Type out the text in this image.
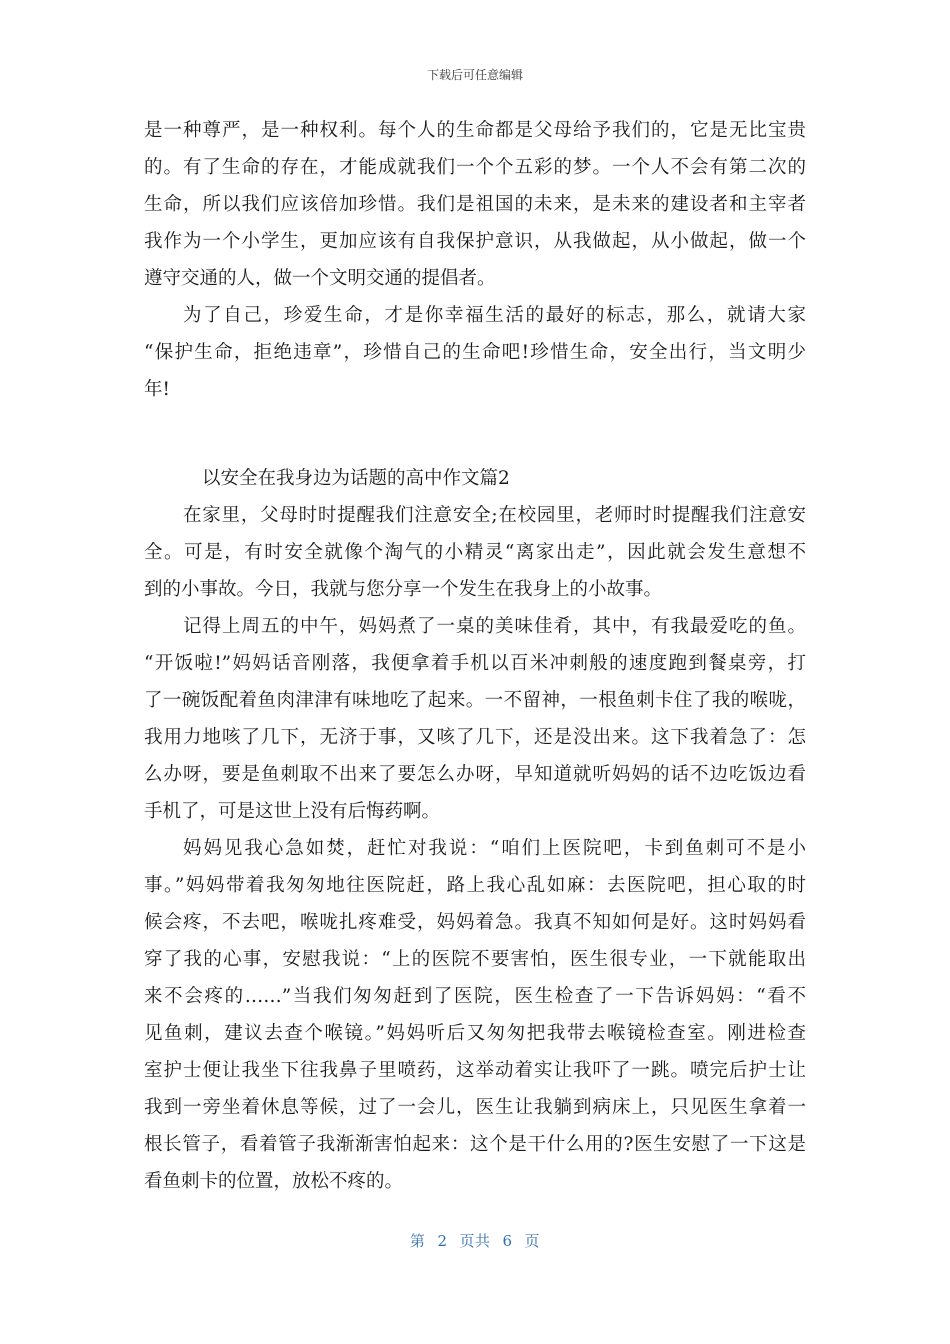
下载后可任意编辑
是一种尊严，是一种权利。每个人的生命都是父母给予我们的，它是无比宝贵
的。有了生命的存在，才能成就我们一个个五彩的梦。一个人不会有第二次的
生命，所以我们应该倍加珍惜。我们是祖国的未来，是未来的建设者和主宰者
我作为一个小学生，更加应该有自我保护意识，从我做起，从小做起，做一个
遵守交通的人，做一个文明交通的提倡者。
为了自己，珍爱生命，才是你幸福生活的最好的标志，那么，就请大家
“保护生命，拒绝违章”，珍惜自己的生命吧!珍惜生命，安全出行，当文明少
年!
以安全在我身边为话题的高中作文篇2
在家里，父母时时提醒我们注意安全;在校园里，老师时时提醒我们注意安
全。可是，有时安全就像个淘气的小精灵“离家出走”，因此就会发生意想不
到的小事故。今日，我就与您分享一个发生在我身上的小故事。
记得上周五的中午，妈妈煮了一桌的美味佳肴，其中，有我最爱吃的鱼。
“开饭啦!”妈妈话音刚落，我便拿着手机以百米冲刺般的速度跑到餐桌旁，打
了一碗饭配着鱼肉津津有味地吃了起来。一不留神，一根鱼刺卡住了我的喉咙，
我用力地咳了几下，无济于事，又咳了几下，还是没出来。这下我着急了：怎
么办呀，要是鱼刺取不出来了要怎么办呀，早知道就听妈妈的话不边吃饭边看
手机了，可是这世上没有后悔药啊。
妈妈见我心急如焚，赶忙对我说：“咱们上医院吧，卡到鱼刺可不是小
事。”妈妈带着我匆匆地往医院赶，路上我心乱如麻：去医院吧，担心取的时
候会疼，不去吧，喉咙扎疼难受，妈妈着急。我真不知如何是好。这时妈妈看
穿了我的心事，安慰我说：“上的医院不要害怕，医生很专业，一下就能取出
来不会疼的……”当我们匆匆赶到了医院，医生检查了一下告诉妈妈：“看不
见鱼刺，建议去查个喉镜。”妈妈听后又匆匆把我带去喉镜检查室。刚进检查
室护士便让我坐下往我鼻子里喷药，这举动着实让我吓了一跳。喷完后护士让
我到一旁坐着休息等候，过了一会儿，医生让我躺到病床上，只见医生拿着一
根长管子，看着管子我渐渐害怕起来：这个是干什么用的?医生安慰了一下这是
看鱼刺卡的位置，放松不疼的。
第 2 页共 6 页
